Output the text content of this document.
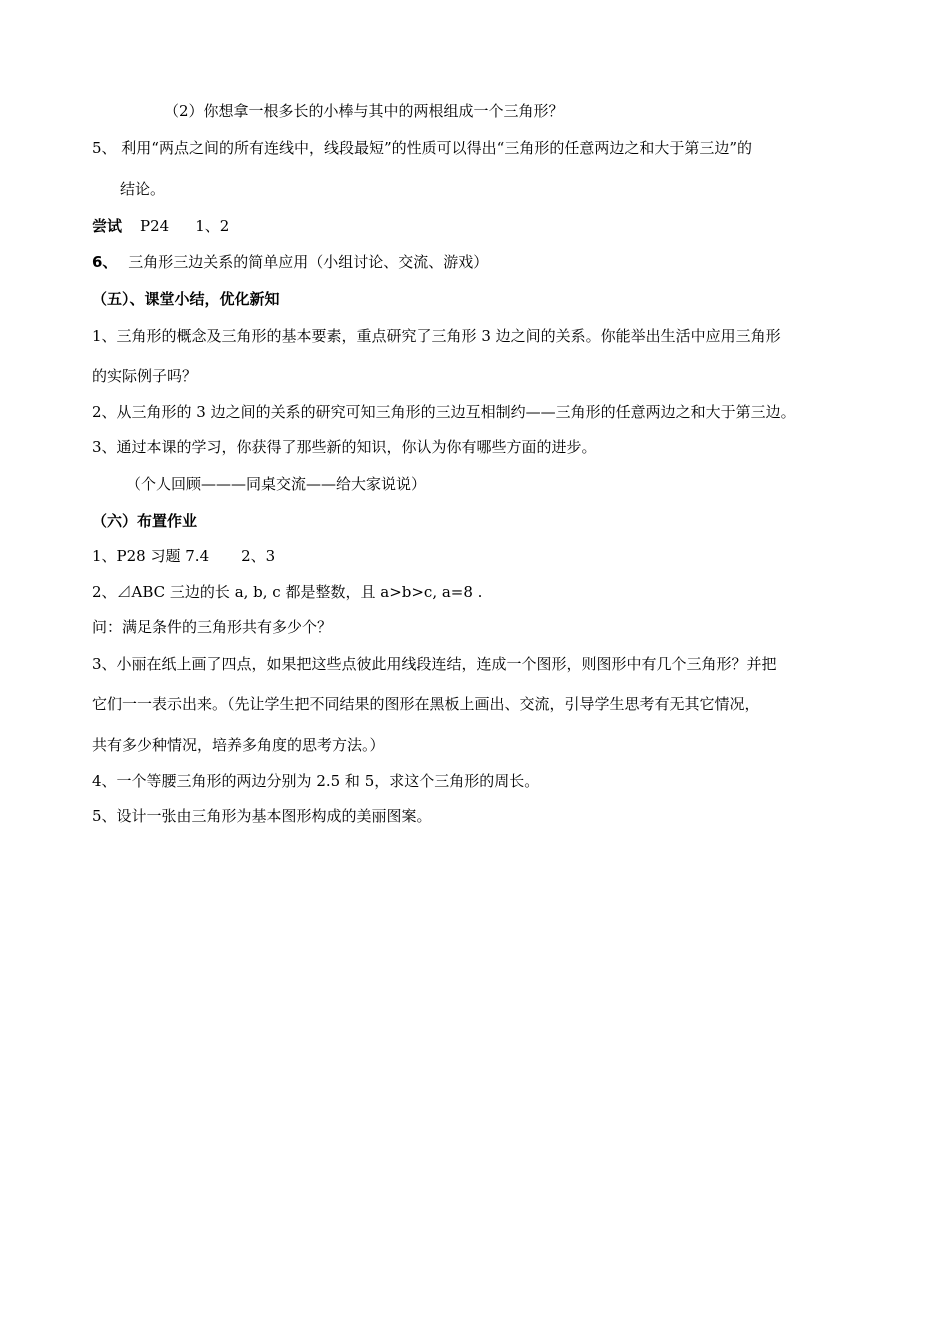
（2）你想拿一根多长的小棒与其中的两根组成一个三角形？
5、 利用“两点之间的所有连线中，线段最短”的性质可以得出“三角形的任意两边之和大于第三边”的
结论。
尝试 P24 1、2
6、 三角形三边关系的简单应用（小组讨论、交流、游戏）
（五）、课堂小结，优化新知
1、三角形的概念及三角形的基本要素，重点研究了三角形 3 边之间的关系。你能举出生活中应用三角形
的实际例子吗？
2、从三角形的 3 边之间的关系的研究可知三角形的三边互相制约——三角形的任意两边之和大于第三边。
3、通过本课的学习，你获得了那些新的知识，你认为你有哪些方面的进步。
（个人回顾———同桌交流——给大家说说）
（六）布置作业
1、P28 习题 7.4 2、3
2、⊿ABC 三边的长 a, b, c 都是整数，且 a>b>c, a=8 .
问：满足条件的三角形共有多少个？
3、小丽在纸上画了四点，如果把这些点彼此用线段连结，连成一个图形，则图形中有几个三角形？并把
它们一一表示出来。（先让学生把不同结果的图形在黑板上画出、交流，引导学生思考有无其它情况，
共有多少种情况，培养多角度的思考方法。）
4、一个等腰三角形的两边分别为 2.5 和 5，求这个三角形的周长。
5、设计一张由三角形为基本图形构成的美丽图案。
